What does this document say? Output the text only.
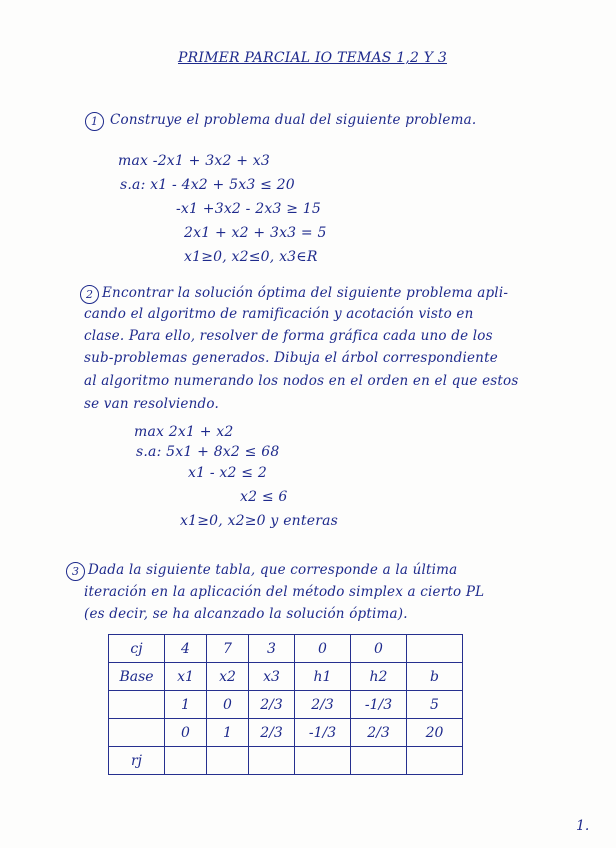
PRIMER PARCIAL IO TEMAS 1,2 Y 3
1 Construye el problema dual del siguiente problema.
max -2x1 + 3x2 + x3
s.a: x1 - 4x2 + 5x3 ≤ 20
-x1 +3x2 - 2x3 ≥ 15
2x1 + x2 + 3x3 = 5
x1≥0, x2≤0, x3∈R
2 Encontrar la solución óptima del siguiente problema apli-
cando el algoritmo de ramificación y acotación visto en
clase. Para ello, resolver de forma gráfica cada uno de los
sub-problemas generados. Dibuja el árbol correspondiente
al algoritmo numerando los nodos en el orden en el que estos
se van resolviendo.
max 2x1 + x2
s.a: 5x1 + 8x2 ≤ 68
x1 - x2 ≤ 2
x2 ≤ 6
x1≥0, x2≥0 y enteras
3 Dada la siguiente tabla, que corresponde a la última
iteración en la aplicación del método simplex a cierto PL
(es decir, se ha alcanzado la solución óptima).
cj	4	7	3	0	0	
Base	x1	x2	x3	h1	h2	b
	1	0	2/3	2/3	-1/3	5
	0	1	2/3	-1/3	2/3	20
rj						
1.
